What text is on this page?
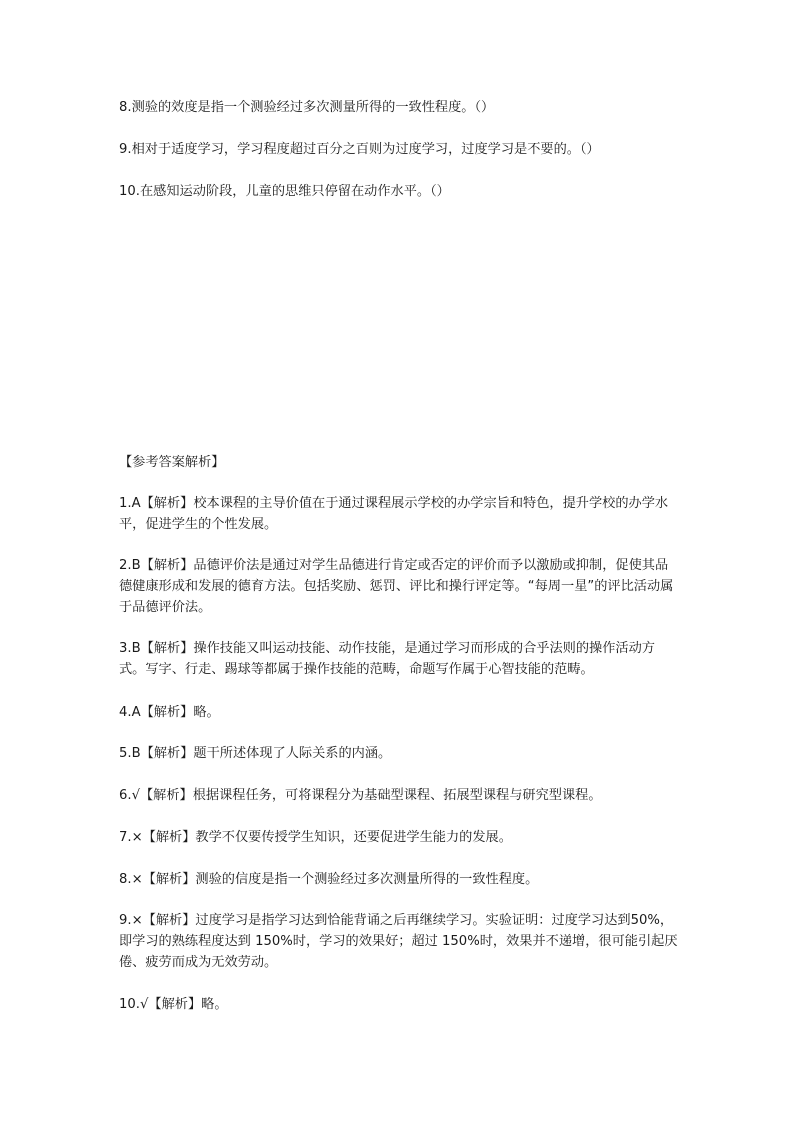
8.测验的效度是指一个测验经过多次测量所得的一致性程度。（）

9.相对于适度学习，学习程度超过百分之百则为过度学习，过度学习是不要的。（）

10.在感知运动阶段，儿童的思维只停留在动作水平。（）

【参考答案解析】

1.A【解析】校本课程的主导价值在于通过课程展示学校的办学宗旨和特色，提升学校的办学水平，促进学生的个性发展。

2.B【解析】品德评价法是通过对学生品德进行肯定或否定的评价而予以激励或抑制，促使其品德健康形成和发展的德育方法。包括奖励、惩罚、评比和操行评定等。“每周一星”的评比活动属于品德评价法。

3.B【解析】操作技能又叫运动技能、动作技能，是通过学习而形成的合乎法则的操作活动方式。写字、行走、踢球等都属于操作技能的范畴，命题写作属于心智技能的范畴。

4.A【解析】略。

5.B【解析】题干所述体现了人际关系的内涵。

6.√【解析】根据课程任务，可将课程分为基础型课程、拓展型课程与研究型课程。

7.×【解析】教学不仅要传授学生知识，还要促进学生能力的发展。

8.×【解析】测验的信度是指一个测验经过多次测量所得的一致性程度。

9.×【解析】过度学习是指学习达到恰能背诵之后再继续学习。实验证明：过度学习达到50%，即学习的熟练程度达到 150%时，学习的效果好；超过 150%时，效果并不递增，很可能引起厌倦、疲劳而成为无效劳动。

10.√【解析】略。
